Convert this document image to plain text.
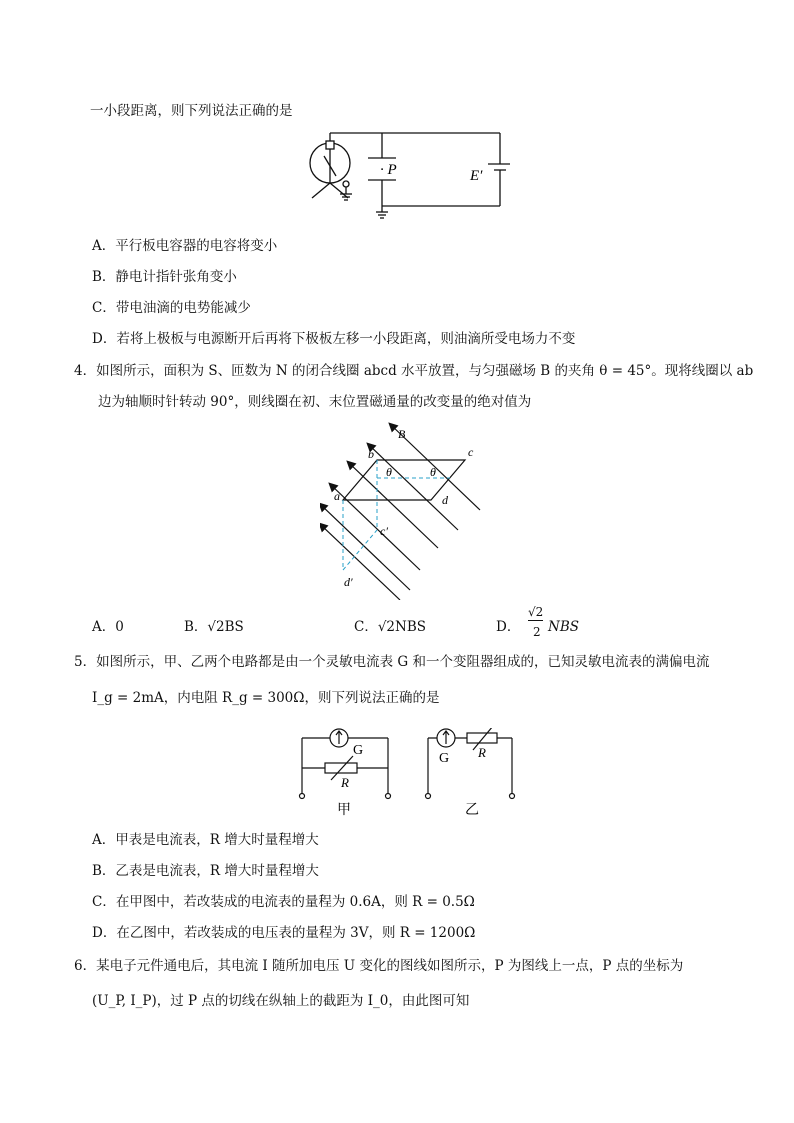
一小段距离，则下列说法正确的是
· P	E′
A．平行板电容器的电容将变小
B．静电计指针张角变小
C．带电油滴的电势能减少
D．若将上极板与电源断开后再将下极板左移一小段距离，则油滴所受电场力不变
4．如图所示，面积为 S、匝数为 N 的闭合线圈 abcd 水平放置，与匀强磁场 B 的夹角 θ = 45°。现将线圈以 ab
边为轴顺时针转动 90°，则线圈在初、末位置磁通量的改变量的绝对值为
B
b	c
a	d
θ	θ
c′
d′
A．0	B．√2BS	C．√2NBS	D．
√2
2 NBS
5．如图所示，甲、乙两个电路都是由一个灵敏电流表 G 和一个变阻器组成的，已知灵敏电流表的满偏电流
I_g = 2mA，内电阻 R_g = 300Ω，则下列说法正确的是
G
R
甲
G R
乙
A．甲表是电流表，R 增大时量程增大
B．乙表是电流表，R 增大时量程增大
C．在甲图中，若改装成的电流表的量程为 0.6A，则 R = 0.5Ω
D．在乙图中，若改装成的电压表的量程为 3V，则 R = 1200Ω
6．某电子元件通电后，其电流 I 随所加电压 U 变化的图线如图所示，P 为图线上一点，P 点的坐标为
(U_P, I_P)，过 P 点的切线在纵轴上的截距为 I_0，由此图可知
